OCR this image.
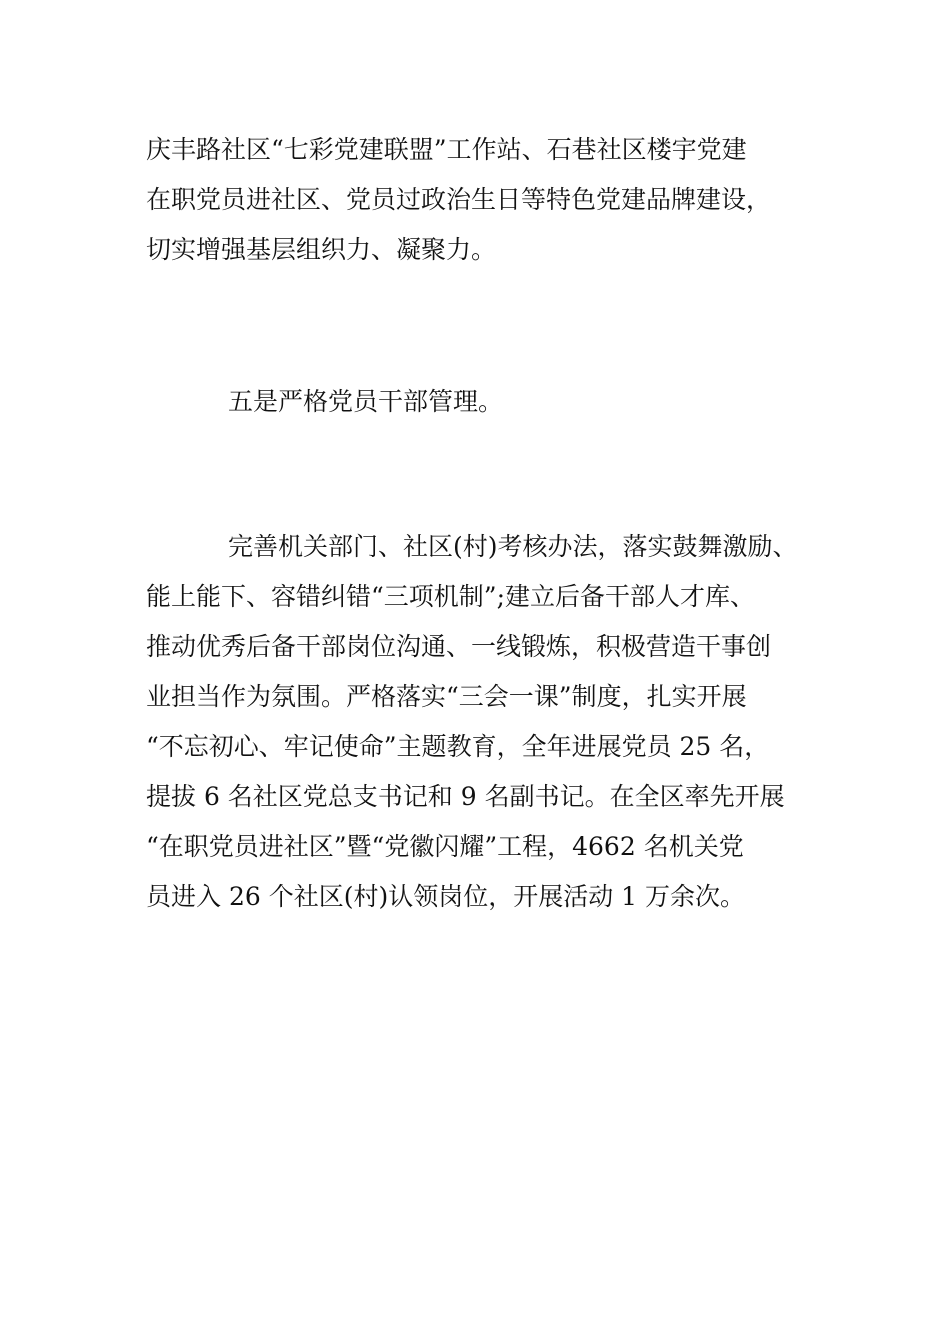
庆丰路社区“七彩党建联盟”工作站、石巷社区楼宇党建

在职党员进社区、党员过政治生日等特色党建品牌建设，

切实增强基层组织力、凝聚力。

五是严格党员干部管理。

完善机关部门、社区(村)考核办法，落实鼓舞激励、

能上能下、容错纠错“三项机制”;建立后备干部人才库、

推动优秀后备干部岗位沟通、一线锻炼，积极营造干事创

业担当作为氛围。严格落实“三会一课”制度，扎实开展

“不忘初心、牢记使命”主题教育，全年进展党员 25 名，

提拔 6 名社区党总支书记和 9 名副书记。在全区率先开展

“在职党员进社区”暨“党徽闪耀”工程，4662 名机关党

员进入 26 个社区(村)认领岗位，开展活动 1 万余次。
